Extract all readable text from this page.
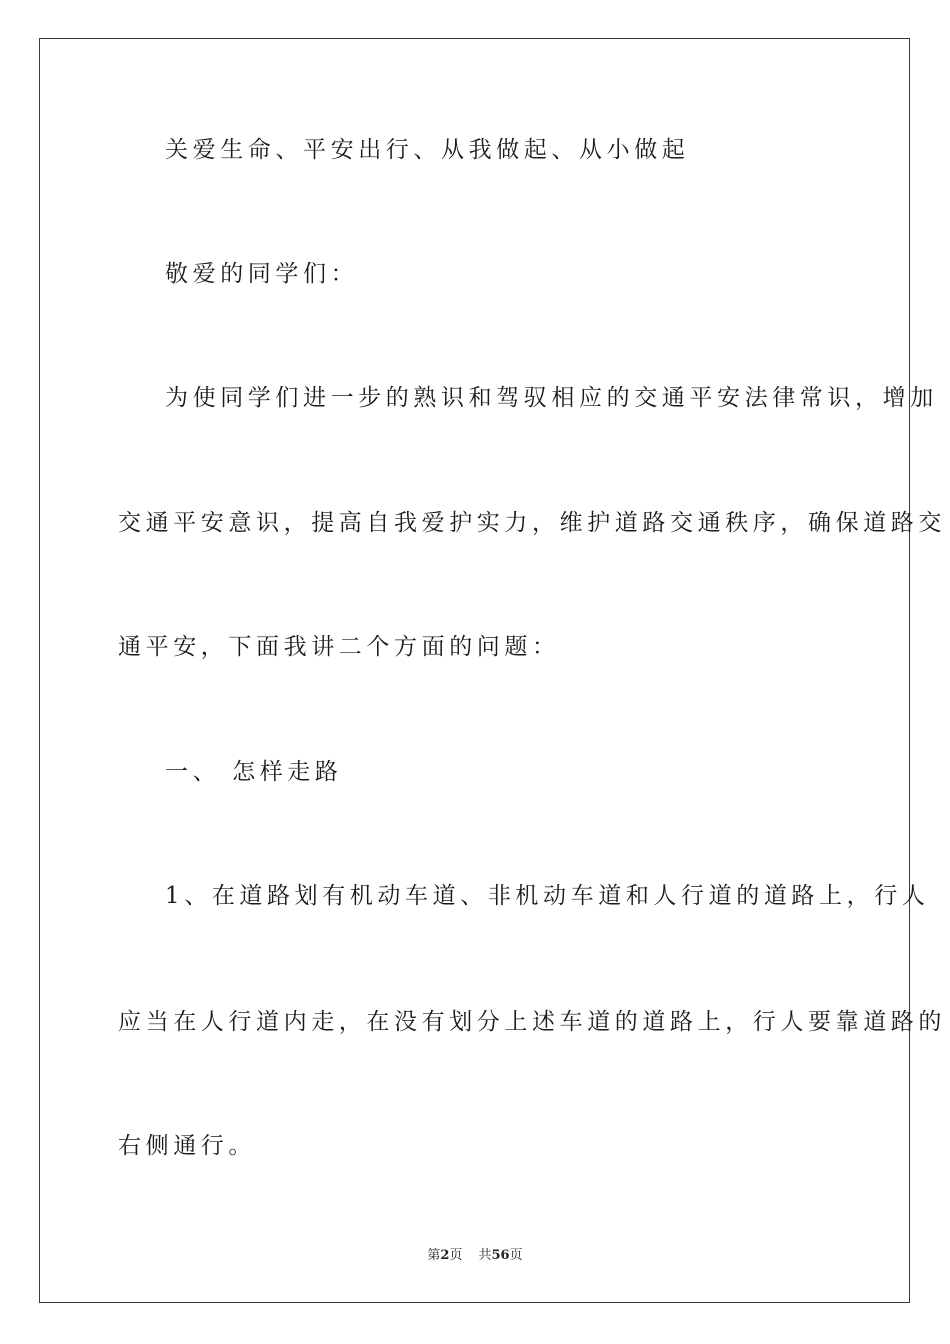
关爱生命、平安出行、从我做起、从小做起

敬爱的同学们：

为使同学们进一步的熟识和驾驭相应的交通平安法律常识，增加

交通平安意识，提高自我爱护实力，维护道路交通秩序，确保道路交

通平安，下面我讲二个方面的问题：

一、 怎样走路

1、在道路划有机动车道、非机动车道和人行道的道路上，行人

应当在人行道内走，在没有划分上述车道的道路上，行人要靠道路的

右侧通行。

第2页 共56页
